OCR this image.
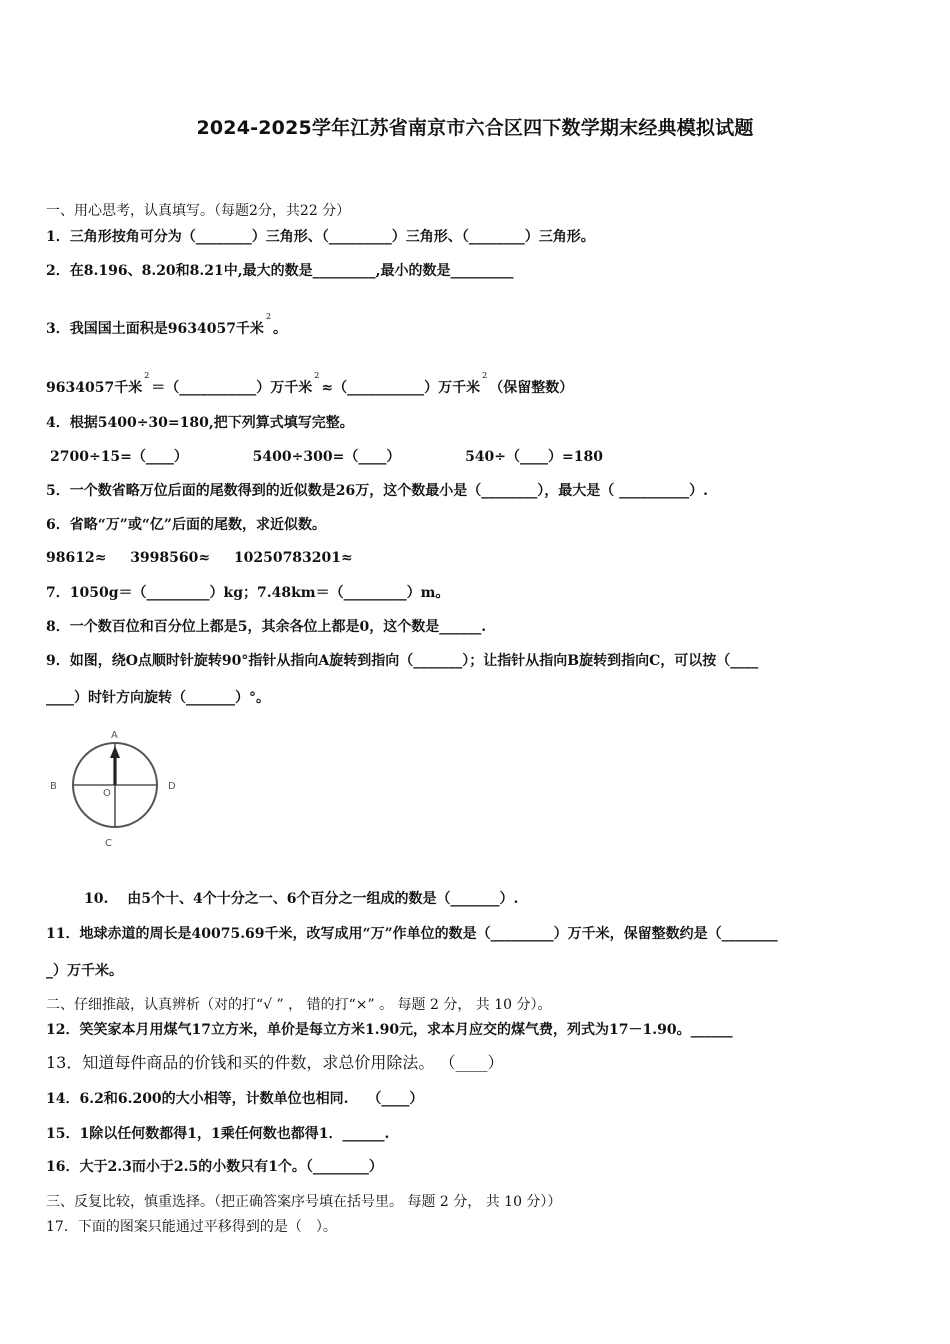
2024-2025学年江苏省南京市六合区四下数学期末经典模拟试题
一、用心思考，认真填写。（每题2分，共22 分）
1．三角形按角可分为（________）三角形、（_________）三角形、（________）三角形。
2．在8.196、8.20和8.21中,最大的数是_________,最小的数是_________
3．我国国土面积是9634057千米$^2$。
9634057千米$^2$＝（___________）万千米$^2$≈（___________）万千米$^2$（保留整数）
4．根据5400÷30=180,把下列算式填写完整。
2700÷15=（____）	5400÷300=（____）	540÷（____）=180
5．一个数省略万位后面的尾数得到的近似数是26万，这个数最小是（________），最大是（ __________）.
6．省略“万”或“亿”后面的尾数，求近似数。
98612≈ 3998560≈ 10250783201≈
7．1050g＝（_________）kg；7.48km＝（_________）m。
8．一个数百位和百分位上都是5，其余各位上都是0，这个数是______.
9．如图，绕O点顺时针旋转90°指针从指向A旋转到指向（_______）；让指针从指向B旋转到指向C，可以按（____
____）时针方向旋转（_______）°。
A
B	D
C
O
10.　 由5个十、4个十分之一、6个百分之一组成的数是（_______）.
11．地球赤道的周长是40075.69千米，改写成用“万”作单位的数是（_________）万千米，保留整数约是（________
_）万千米。
二、仔细推敲，认真辨析（对的打“√ ” ， 错的打“×” 。 每题 2 分， 共 10 分）。
12．笑笑家本月用煤气17立方米，单价是每立方米1.90元，求本月应交的煤气费，列式为17－1.90。______
13．知道每件商品的价钱和买的件数，求总价用除法。 （____）
14．6.2和6.200的大小相等，计数单位也相同.　 （____）
15．1除以任何数都得1，1乘任何数也都得1．______.
16．大于2.3而小于2.5的小数只有1个。（________）
三、反复比较，慎重选择。（把正确答案序号填在括号里。 每题 2 分， 共 10 分））
17．下面的图案只能通过平移得到的是（　）。
